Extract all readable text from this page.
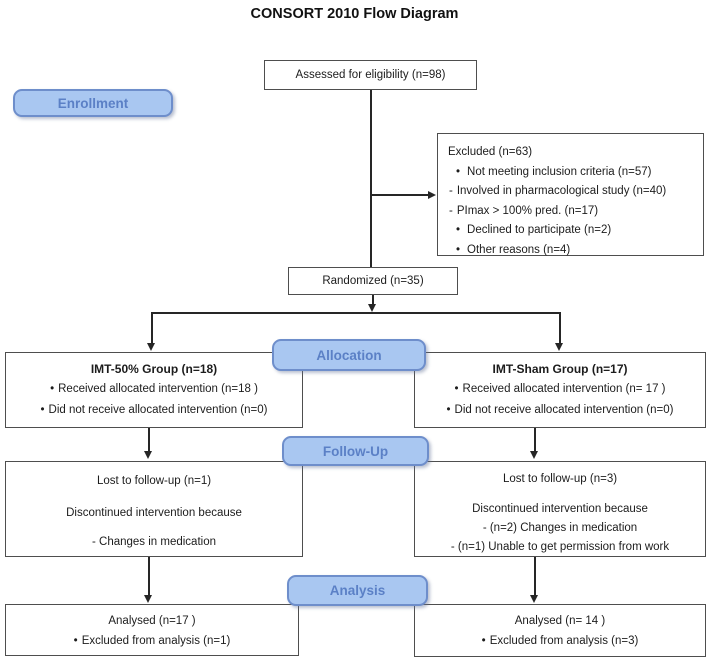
CONSORT 2010 Flow Diagram
Assessed for eligibility (n=98)
Enrollment
Excluded (n=63)
• Not meeting inclusion criteria (n=57)
- Involved in pharmacological study (n=40)
- PImax > 100% pred. (n=17)
• Declined to participate (n=2)
• Other reasons (n=4)
Randomized (n=35)
Allocation
IMT-50% Group (n=18)
• Received allocated intervention (n=18 )
• Did not receive allocated intervention (n=0)
IMT-Sham Group (n=17)
• Received allocated intervention (n= 17 )
• Did not receive allocated intervention (n=0)
Follow-Up
Lost to follow-up (n=1)
Discontinued intervention because
- Changes in medication
Lost to follow-up (n=3)
Discontinued intervention because
- (n=2) Changes in medication
- (n=1) Unable to get permission from work
Analysis
Analysed (n=17 )
• Excluded from analysis (n=1)
Analysed (n= 14 )
• Excluded from analysis (n=3)
